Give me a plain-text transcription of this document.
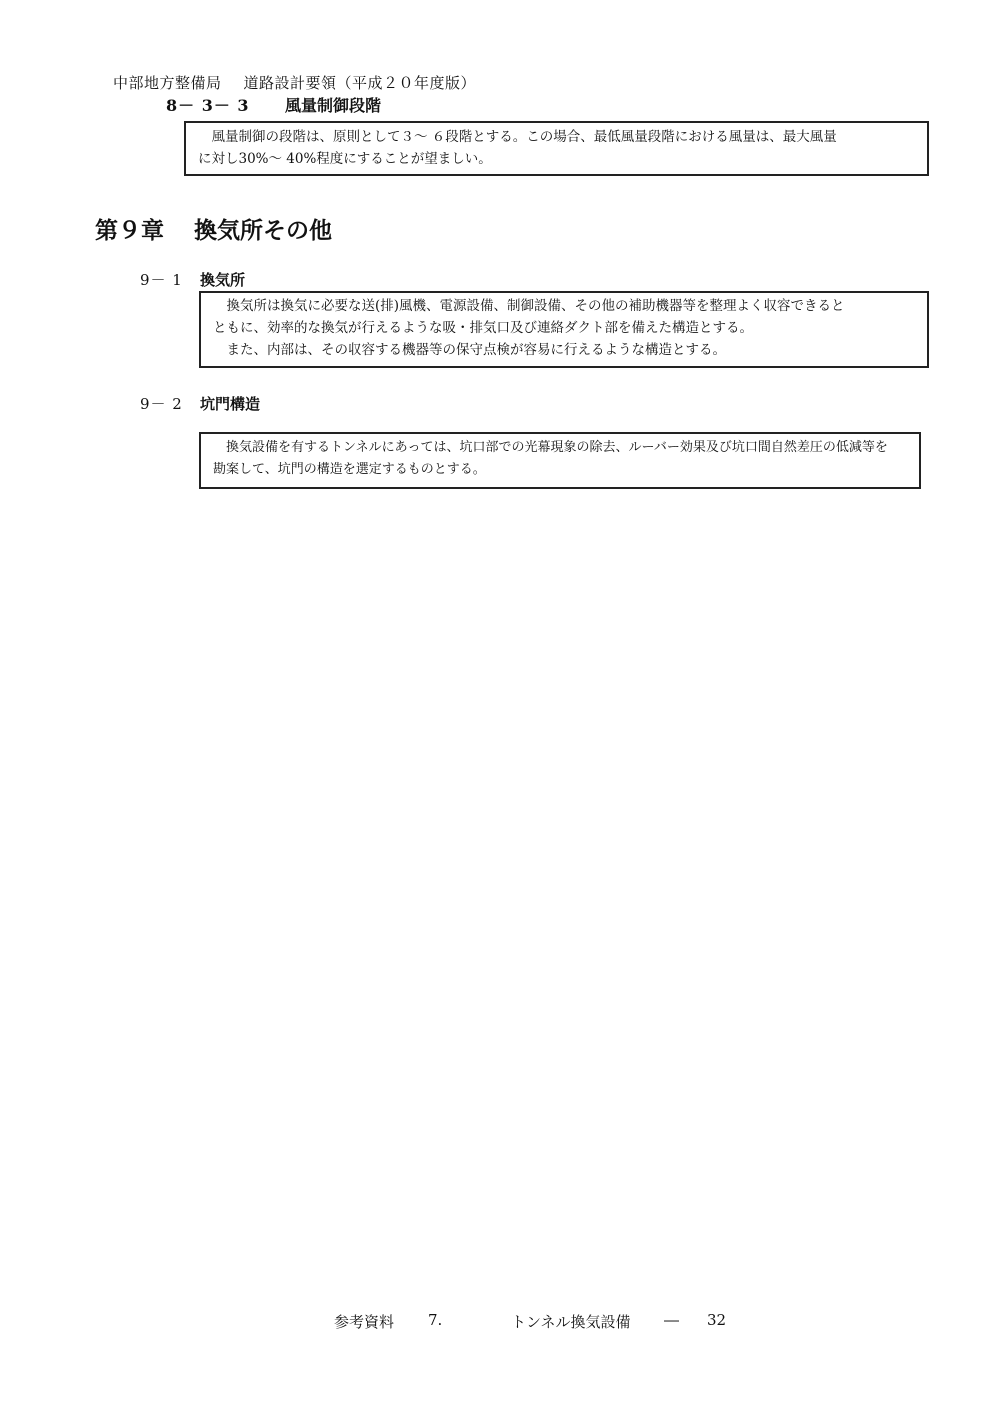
中部地方整備局 道路設計要領（平成２０年度版）
8－ 3－ 3 風量制御段階

風量制御の段階は、原則として３～ ６段階とする。この場合、最低風量段階における風量は、最大風量

に対し30%～ 40%程度にすることが望ましい。

第９章 換気所その他
9－ 1 換気所

換気所は換気に必要な送(排)風機、電源設備、制御設備、その他の補助機器等を整理よく収容できると

ともに、効率的な換気が行えるような吸・排気口及び連絡ダクト部を備えた構造とする。

また、内部は、その収容する機器等の保守点検が容易に行えるような構造とする。

9－ 2 坑門構造

換気設備を有するトンネルにあっては、坑口部での光幕現象の除去、ルーバー効果及び坑口間自然差圧の低減等を

勘案して、坑門の構造を選定するものとする。

参考資料 7.	トンネル換気設備 ― 32
